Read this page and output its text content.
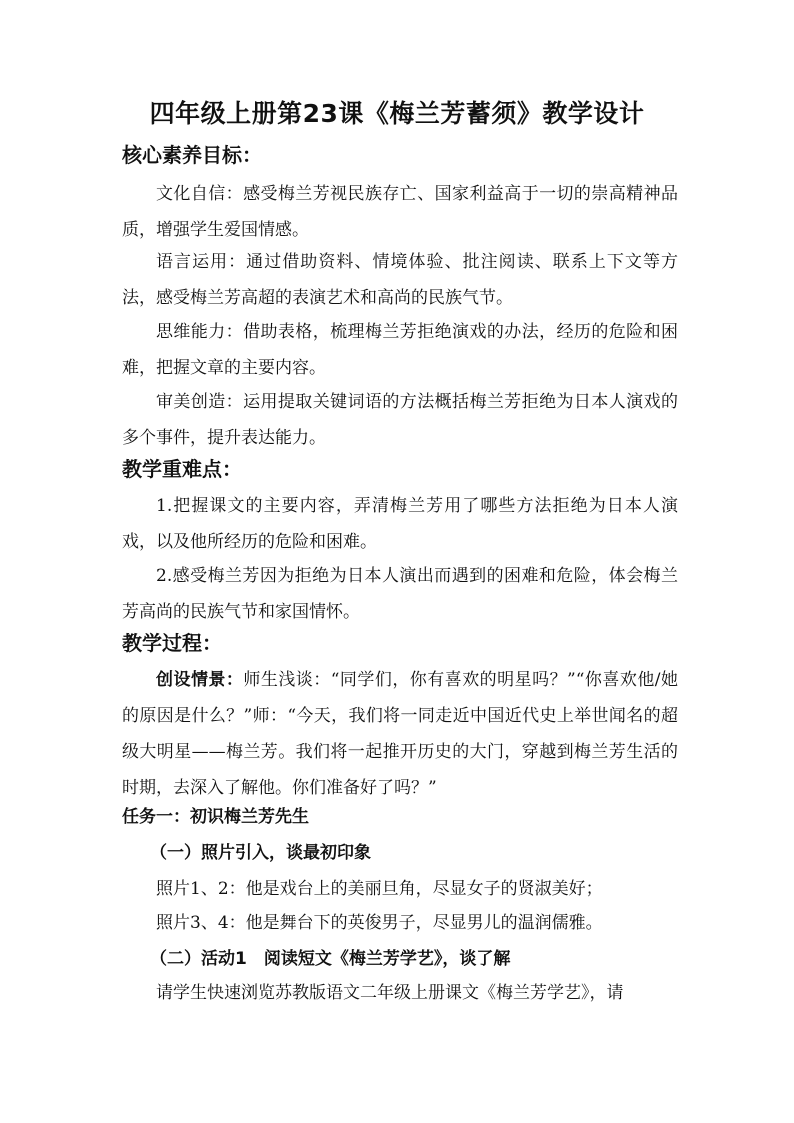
四年级上册第23课《梅兰芳蓄须》教学设计
核心素养目标：
文化自信：感受梅兰芳视民族存亡、国家利益高于一切的崇高精神品质，增强学生爱国情感。
语言运用：通过借助资料、情境体验、批注阅读、联系上下文等方法，感受梅兰芳高超的表演艺术和高尚的民族气节。
思维能力：借助表格，梳理梅兰芳拒绝演戏的办法，经历的危险和困难，把握文章的主要内容。
审美创造：运用提取关键词语的方法概括梅兰芳拒绝为日本人演戏的多个事件，提升表达能力。
教学重难点：
1.把握课文的主要内容，弄清梅兰芳用了哪些方法拒绝为日本人演戏，以及他所经历的危险和困难。
2.感受梅兰芳因为拒绝为日本人演出而遇到的困难和危险，体会梅兰芳高尚的民族气节和家国情怀。
教学过程：
创设情景：师生浅谈：“同学们，你有喜欢的明星吗？”“你喜欢他/她的原因是什么？”师：“今天，我们将一同走近中国近代史上举世闻名的超级大明星——梅兰芳。我们将一起推开历史的大门，穿越到梅兰芳生活的时期，去深入了解他。你们准备好了吗？”
任务一：初识梅兰芳先生
（一）照片引入，谈最初印象
照片1、2：他是戏台上的美丽旦角，尽显女子的贤淑美好；
照片3、4：他是舞台下的英俊男子，尽显男儿的温润儒雅。
（二）活动1　阅读短文《梅兰芳学艺》，谈了解
请学生快速浏览苏教版语文二年级上册课文《梅兰芳学艺》，请
